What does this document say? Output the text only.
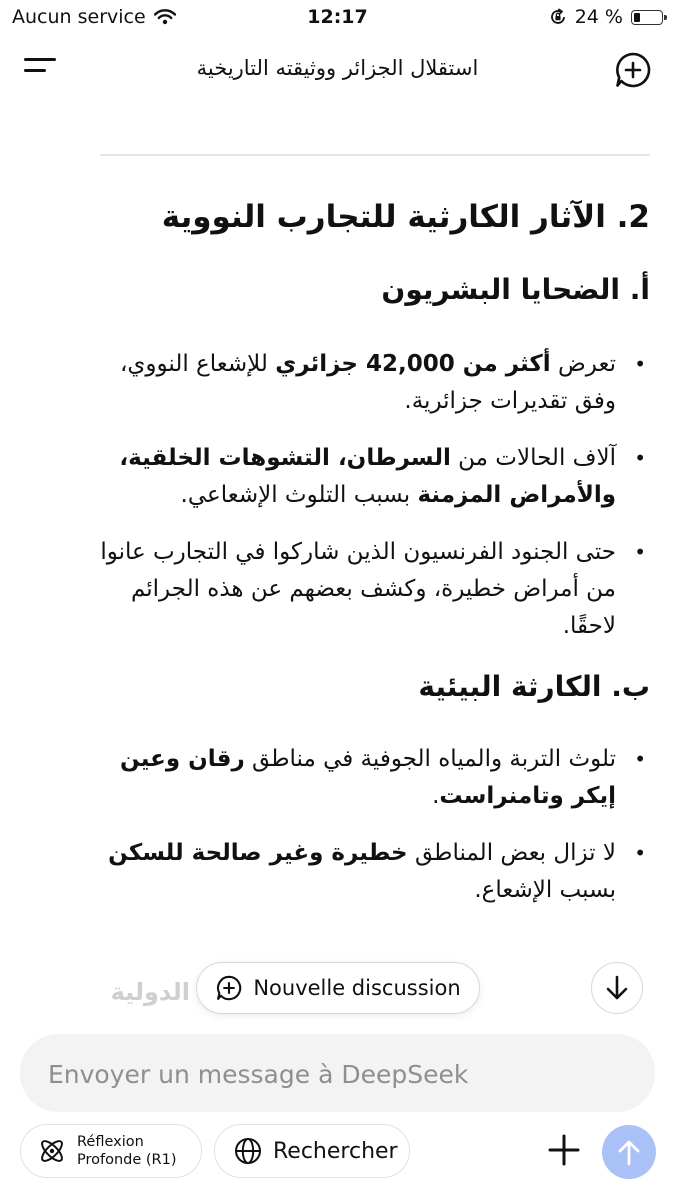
Aucun service	12:17	24 %
استقلال الجزائر ووثيقته التاريخية
2. الآثار الكارثية للتجارب النووية
أ. الضحايا البشريون
• تعرض أكثر من 42,000 جزائري للإشعاع النووي، وفق تقديرات جزائرية.
• آلاف الحالات من السرطان، التشوهات الخلقية، والأمراض المزمنة بسبب التلوث الإشعاعي.
• حتى الجنود الفرنسيون الذين شاركوا في التجارب عانوا من أمراض خطيرة، وكشف بعضهم عن هذه الجرائم لاحقًا.
ب. الكارثة البيئية
• تلوث التربة والمياه الجوفية في مناطق رقان وعين إيكر وتامنراست.
• لا تزال بعض المناطق خطيرة وغير صالحة للسكن بسبب الإشعاع.
الدولية	Nouvelle discussion
Envoyer un message à DeepSeek
Réflexion
Profonde (R1)	Rechercher
